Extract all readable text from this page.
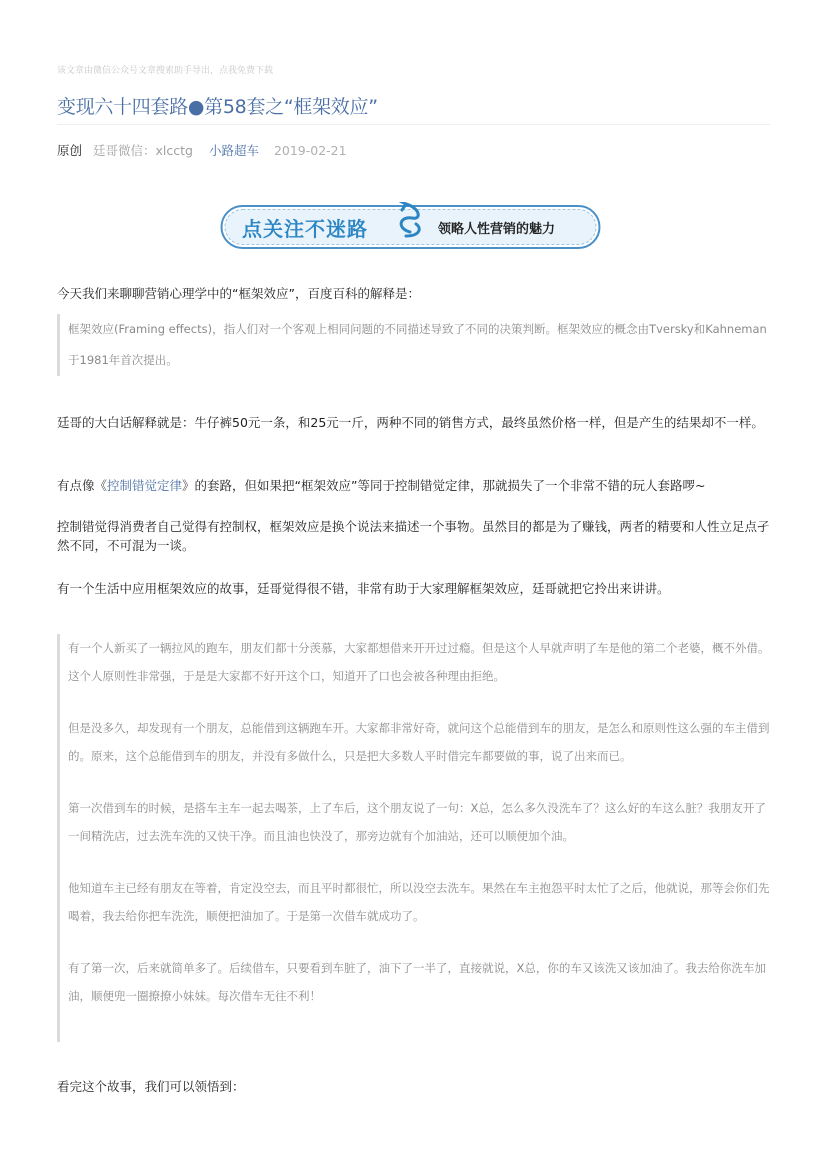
该文章由微信公众号文章搜索助手导出，点我免费下载
变现六十四套路●第58套之“框架效应”
原创 廷哥微信：xlcctg 小路超车 2019-02-21
点关注不迷路	领略人性营销的魅力

今天我们来聊聊营销心理学中的“框架效应”，百度百科的解释是：

框架效应(Framing effects)，指人们对一个客观上相同问题的不同描述导致了不同的决策判断。框架效应的概念由Tversky和Kahneman于1981年首次提出。

廷哥的大白话解释就是：牛仔裤50元一条，和25元一斤，两种不同的销售方式，最终虽然价格一样，但是产生的结果却不一样。

有点像《控制错觉定律》的套路，但如果把“框架效应”等同于控制错觉定律，那就损失了一个非常不错的玩人套路啰~

控制错觉得消费者自己觉得有控制权，框架效应是换个说法来描述一个事物。虽然目的都是为了赚钱，两者的精要和人性立足点孑然不同，不可混为一谈。

有一个生活中应用框架效应的故事，廷哥觉得很不错，非常有助于大家理解框架效应，廷哥就把它拎出来讲讲。

有一个人新买了一辆拉风的跑车，朋友们都十分羡慕，大家都想借来开开过过瘾。但是这个人早就声明了车是他的第二个老婆，概不外借。这个人原则性非常强，于是是大家都不好开这个口，知道开了口也会被各种理由拒绝。

但是没多久，却发现有一个朋友，总能借到这辆跑车开。大家都非常好奇，就问这个总能借到车的朋友，是怎么和原则性这么强的车主借到的。原来，这个总能借到车的朋友，并没有多做什么，只是把大多数人平时借完车都要做的事，说了出来而已。

第一次借到车的时候，是搭车主车一起去喝茶，上了车后，这个朋友说了一句：X总，怎么多久没洗车了？这么好的车这么脏？我朋友开了一间精洗店，过去洗车洗的又快干净。而且油也快没了，那旁边就有个加油站，还可以顺便加个油。

他知道车主已经有朋友在等着，肯定没空去，而且平时都很忙，所以没空去洗车。果然在车主抱怨平时太忙了之后，他就说，那等会你们先喝着，我去给你把车洗洗，顺便把油加了。于是第一次借车就成功了。

有了第一次，后来就简单多了。后续借车，只要看到车脏了，油下了一半了，直接就说，X总，你的车又该洗又该加油了。我去给你洗车加油，顺便兜一圈撩撩小妹妹。每次借车无往不利！

看完这个故事，我们可以领悟到：
